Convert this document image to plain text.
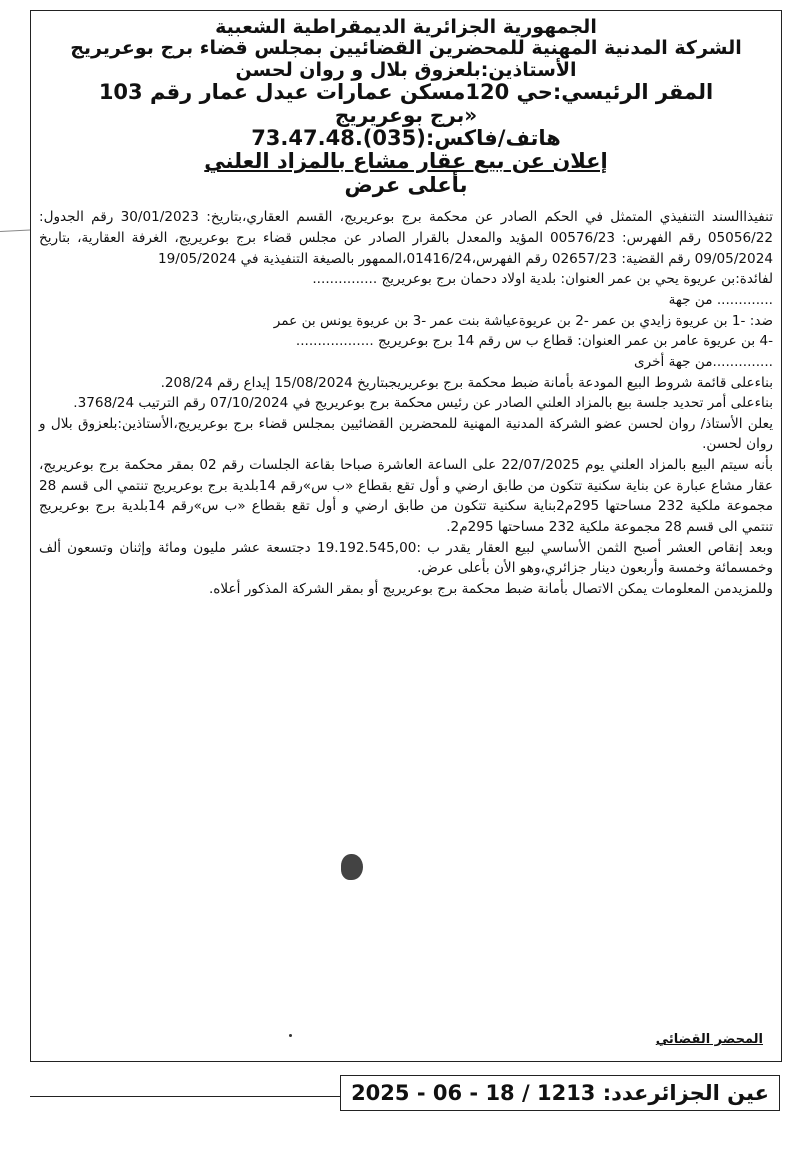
الجمهورية الجزائرية الديمقراطية الشعبية
الشركة المدنية المهنية للمحضرين القضائيين بمجلس قضاء برج بوعريريج
الأستاذين:بلعزوق بلال و روان لحسن
المقر الرئيسي:حي 120مسكن عمارات عيدل عمار رقم 103
«برج بوعريريج
هاتف/فاكس:(035).73.47.48
إعلان عن بيع عقار مشاع بالمزاد العلني
بأعلى عرض

تنفيذاالسند التنفيذي المتمثل في الحكم الصادر عن محكمة برج بوعريريج، القسم العقاري،بتاريخ: 30/01/2023 رقم الجدول: 05056/22 رقم الفهرس: 00576/23 المؤيد والمعدل بالقرار الصادر عن مجلس قضاء برج بوعريريج، الغرفة العقارية، بتاريخ 09/05/2024 رقم القضية: 02657/23 رقم الفهرس،01416/24،الممهور بالصيغة التنفيذية في 19/05/2024

لفائدة:بن عريوة يحي بن عمر العنوان: بلدية اولاد دحمان برج بوعريريج ...............

............. من جهة

ضد: -1 بن عريوة زايدي بن عمر -2 بن عريوةعياشة بنت عمر -3 بن عريوة يونس بن عمر

-4 بن عريوة عامر بن عمر العنوان: قطاع ب س رقم 14 برج بوعريريج ..................

..............من جهة أخرى

بناءعلى قائمة شروط البيع المودعة بأمانة ضبط محكمة برج بوعريريجبتاريخ 15/08/2024 إيداع رقم 208/24.

بناءعلى أمر تحديد جلسة بيع بالمزاد العلني الصادر عن رئيس محكمة برج بوعريريج في 07/10/2024 رقم الترتيب 3768/24.

يعلن الأستاذ/ روان لحسن عضو الشركة المدنية المهنية للمحضرين القضائيين بمجلس قضاء برج بوعريريج،الأستاذين:بلعزوق بلال و روان لحسن.

بأنه سيتم البيع بالمزاد العلني يوم 22/07/2025 على الساعة العاشرة صباحا بقاعة الجلسات رقم 02 بمقر محكمة برج بوعريريج، عقار مشاع عبارة عن بناية سكنية تتكون من طابق ارضي و أول تقع بقطاع «ب س»رقم 14بلدية برج بوعريريج تنتمي الى قسم 28 مجموعة ملكية 232 مساحتها 295م2بناية سكنية تتكون من طابق ارضي و أول تقع بقطاع «ب س»رقم 14بلدية برج بوعريريج تنتمي الى قسم 28 مجموعة ملكية 232 مساحتها 295م2.

وبعد إنقاص العشر أصبح الثمن الأساسي لبيع العقار يقدر ب :19.192.545,00 دجتسعة عشر مليون ومائة وإثنان وتسعون ألف وخمسمائة وخمسة وأربعون دينار جزائري،وهو الأن بأعلى عرض.

وللمزيدمن المعلومات يمكن الاتصال بأمانة ضبط محكمة برج بوعريريج أو بمقر الشركة المذكور أعلاه.

المحضر القضائي
عين الجزائرعدد: 1213 / 18 - 06 - 2025
